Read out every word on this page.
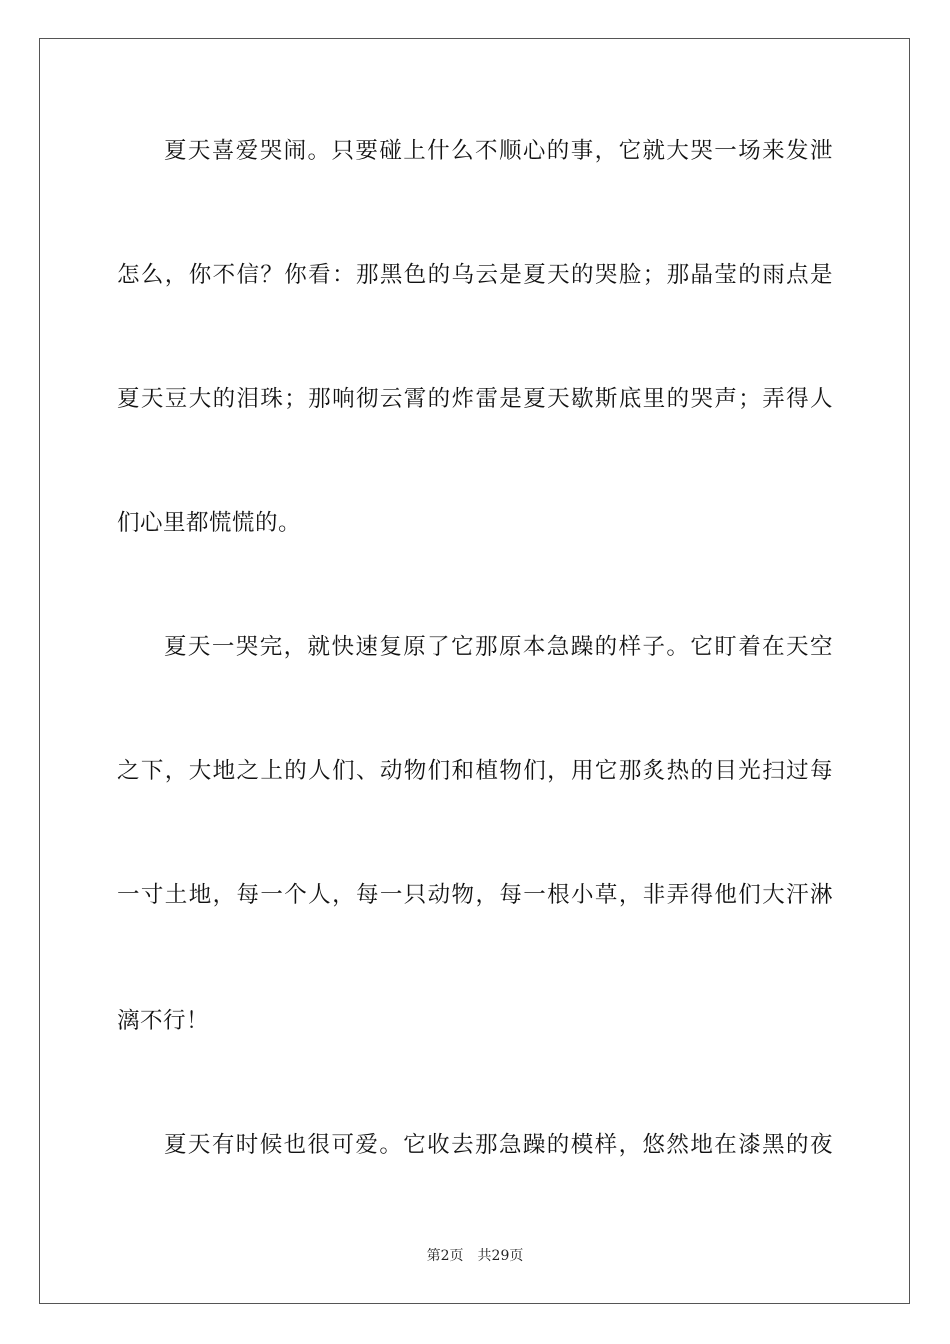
夏天喜爱哭闹。只要碰上什么不顺心的事，它就大哭一场来发泄
怎么，你不信？你看：那黑色的乌云是夏天的哭脸；那晶莹的雨点是
夏天豆大的泪珠；那响彻云霄的炸雷是夏天歇斯底里的哭声；弄得人
们心里都慌慌的。
夏天一哭完，就快速复原了它那原本急躁的样子。它盯着在天空
之下，大地之上的人们、动物们和植物们，用它那炙热的目光扫过每
一寸土地，每一个人，每一只动物，每一根小草，非弄得他们大汗淋
漓不行！
夏天有时候也很可爱。它收去那急躁的模样，悠然地在漆黑的夜
第2页 共29页
